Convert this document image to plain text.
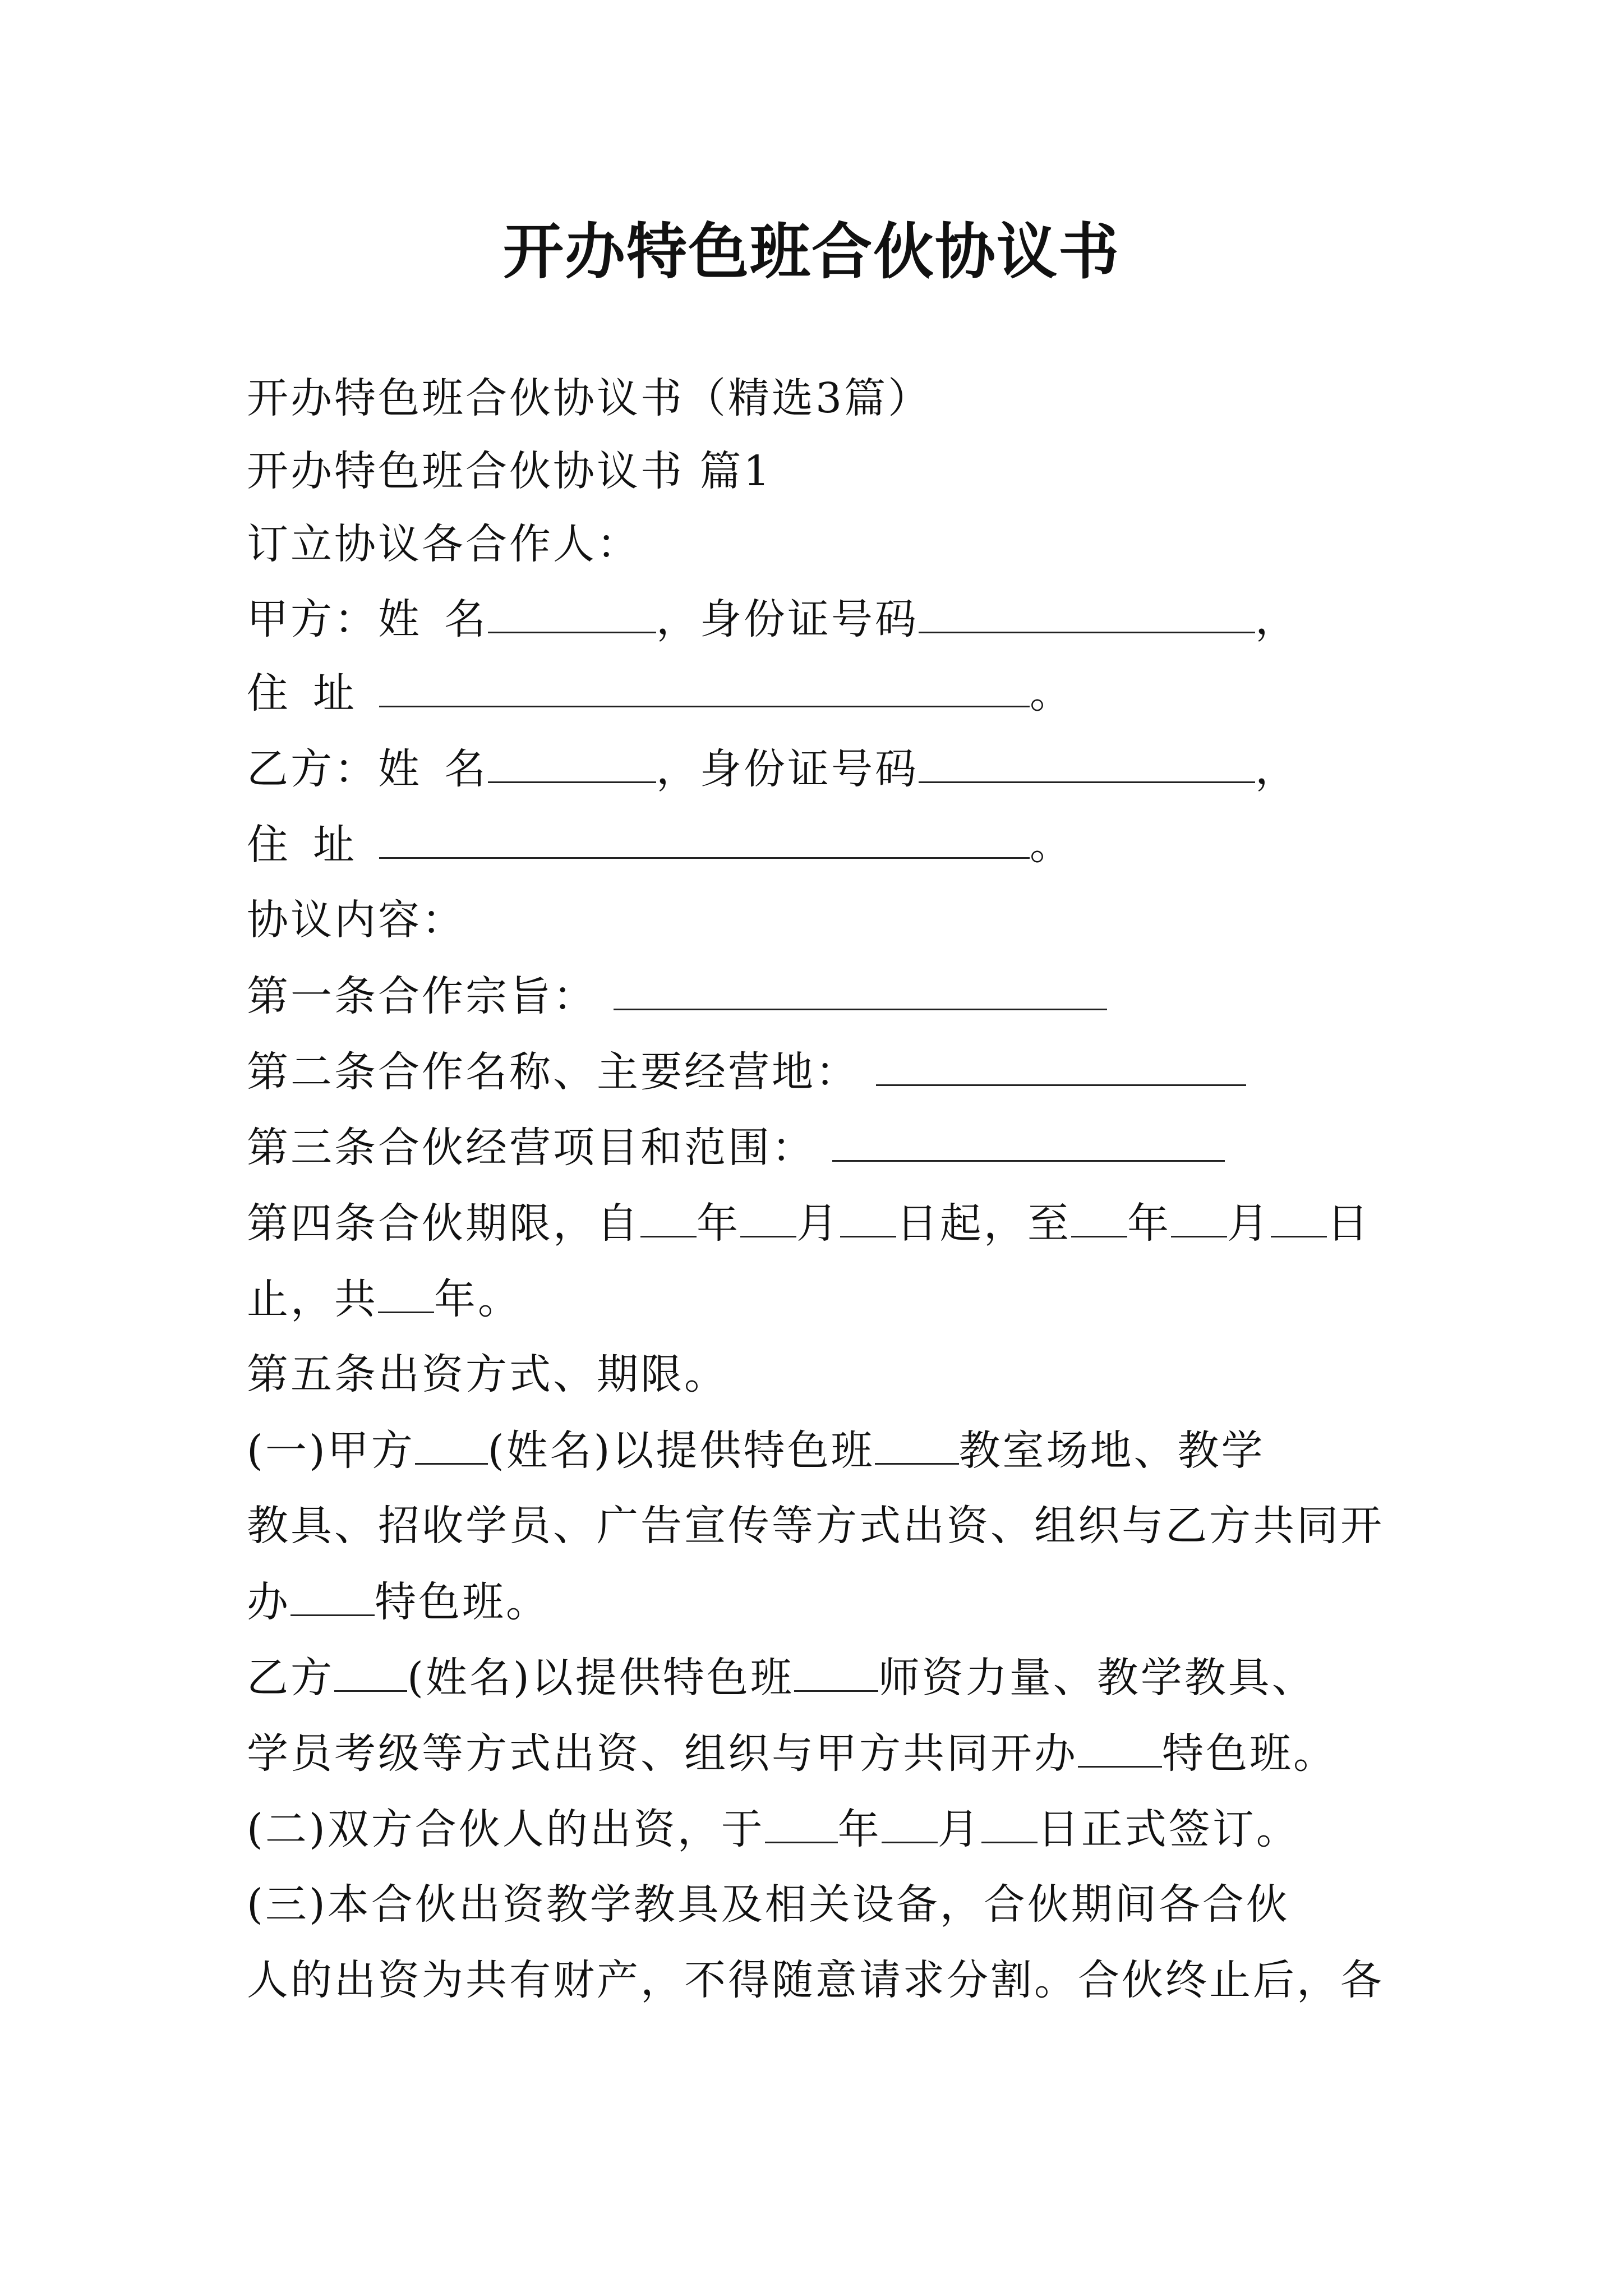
开办特色班合伙协议书
开办特色班合伙协议书（精选3篇）
开办特色班合伙协议书 篇1
订立协议各合作人：
甲方：姓 名	，身份证号码	，
住 址	。
乙方：姓 名	，身份证号码	，
住 址	。
协议内容：
第一条合作宗旨：
第二条合作名称、主要经营地：
第三条合伙经营项目和范围：
第四条合伙期限，自 年 月 日起，至 年 月 日
止，共 年。
第五条出资方式、期限。
(一)甲方 (姓名)以提供特色班 教室场地、教学
教具、招收学员、广告宣传等方式出资、组织与乙方共同开
办 特色班。
乙方 (姓名)以提供特色班 师资力量、教学教具、
学员考级等方式出资、组织与甲方共同开办 特色班。
(二)双方合伙人的出资，于 年 月 日正式签订。
(三)本合伙出资教学教具及相关设备，合伙期间各合伙
人的出资为共有财产，不得随意请求分割。合伙终止后，各
